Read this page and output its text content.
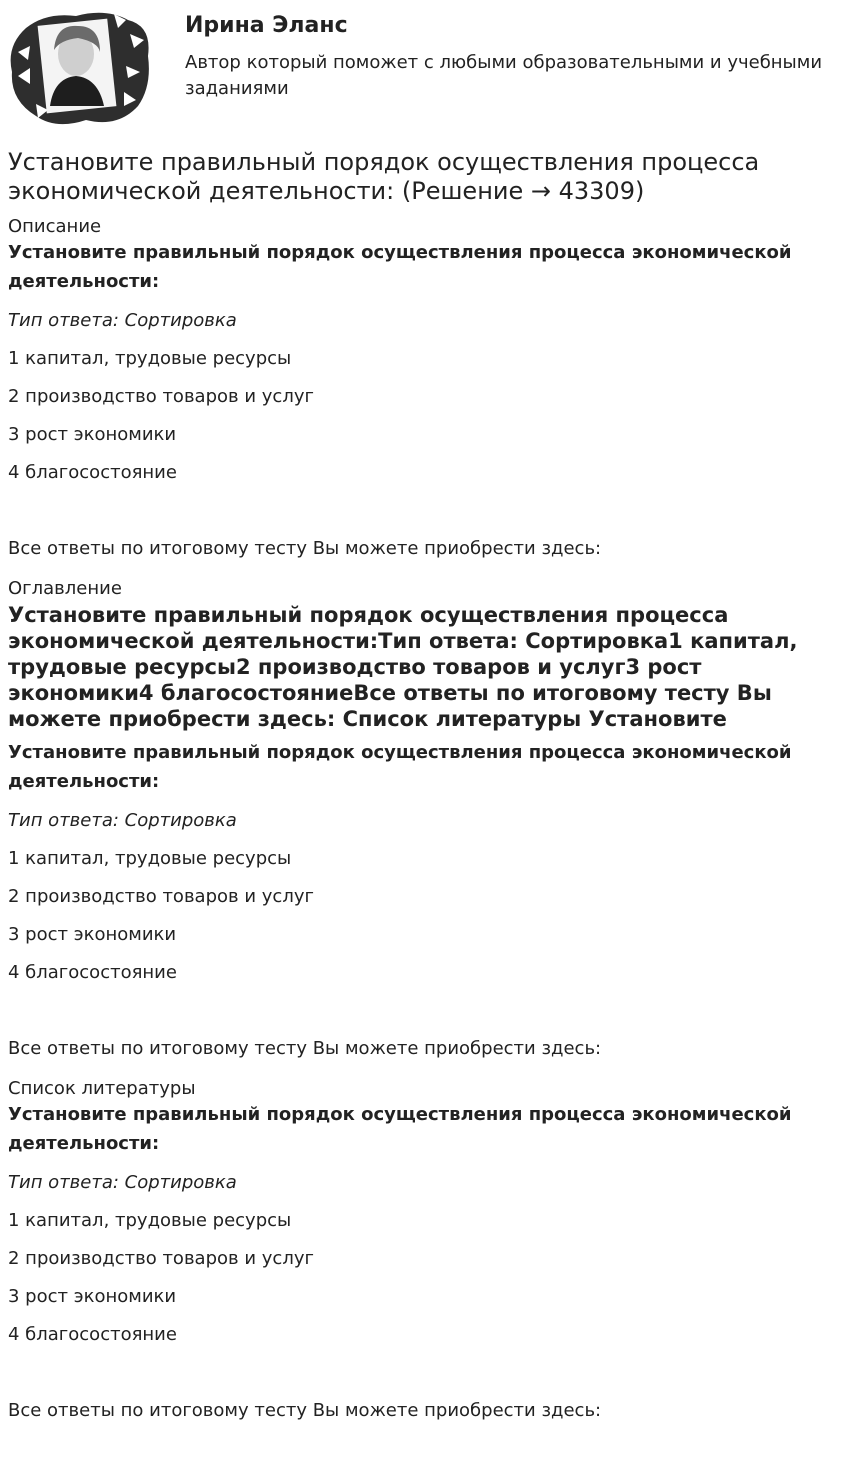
Ирина Эланс

Автор который поможет с любыми образовательными и учебными заданиями

Установите правильный порядок осуществления процесса экономической деятельности: (Решение → 43309)

Описание

Установите правильный порядок осуществления процесса экономической деятельности:

Тип ответа: Сортировка

1 капитал, трудовые ресурсы

2 производство товаров и услуг

3 рост экономики

4 благосостояние

Все ответы по итоговому тесту Вы можете приобрести здесь:

Оглавление

Установите правильный порядок осуществления процесса экономической деятельности:Тип ответа: Сортировка1 капитал, трудовые ресурсы2 производство товаров и услуг3 рост экономики4 благосостояниеВсе ответы по итоговому тесту Вы можете приобрести здесь: Список литературы Установите

Установите правильный порядок осуществления процесса экономической деятельности:

Тип ответа: Сортировка

1 капитал, трудовые ресурсы

2 производство товаров и услуг

3 рост экономики

4 благосостояние

Все ответы по итоговому тесту Вы можете приобрести здесь:

Список литературы

Установите правильный порядок осуществления процесса экономической деятельности:

Тип ответа: Сортировка

1 капитал, трудовые ресурсы

2 производство товаров и услуг

3 рост экономики

4 благосостояние

Все ответы по итоговому тесту Вы можете приобрести здесь:
